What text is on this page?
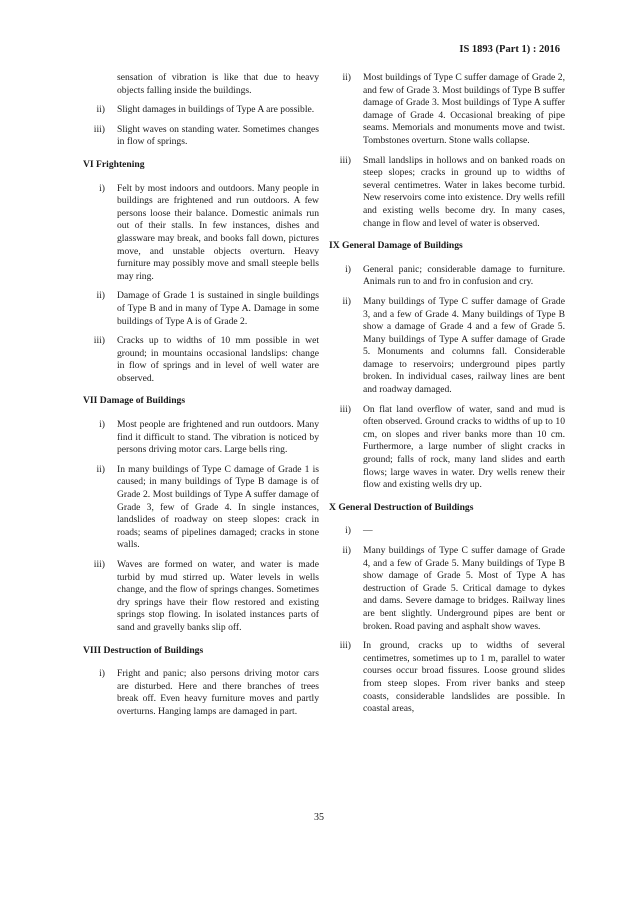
IS 1893 (Part 1) : 2016
sensation of vibration is like that due to heavy objects falling inside the buildings.
ii) Slight damages in buildings of Type A are possible.
iii) Slight waves on standing water. Sometimes changes in flow of springs.
VI Frightening
i) Felt by most indoors and outdoors. Many people in buildings are frightened and run outdoors. A few persons loose their balance. Domestic animals run out of their stalls. In few instances, dishes and glassware may break, and books fall down, pictures move, and unstable objects overturn. Heavy furniture may possibly move and small steeple bells may ring.
ii) Damage of Grade 1 is sustained in single buildings of Type B and in many of Type A. Damage in some buildings of Type A is of Grade 2.
iii) Cracks up to widths of 10 mm possible in wet ground; in mountains occasional landslips: change in flow of springs and in level of well water are observed.
VII Damage of Buildings
i) Most people are frightened and run outdoors. Many find it difficult to stand. The vibration is noticed by persons driving motor cars. Large bells ring.
ii) In many buildings of Type C damage of Grade 1 is caused; in many buildings of Type B damage is of Grade 2. Most buildings of Type A suffer damage of Grade 3, few of Grade 4. In single instances, landslides of roadway on steep slopes: crack in roads; seams of pipelines damaged; cracks in stone walls.
iii) Waves are formed on water, and water is made turbid by mud stirred up. Water levels in wells change, and the flow of springs changes. Sometimes dry springs have their flow restored and existing springs stop flowing. In isolated instances parts of sand and gravelly banks slip off.
VIII Destruction of Buildings
i) Fright and panic; also persons driving motor cars are disturbed. Here and there branches of trees break off. Even heavy furniture moves and partly overturns. Hanging lamps are damaged in part.
ii) Most buildings of Type C suffer damage of Grade 2, and few of Grade 3. Most buildings of Type B suffer damage of Grade 3. Most buildings of Type A suffer damage of Grade 4. Occasional breaking of pipe seams. Memorials and monuments move and twist. Tombstones overturn. Stone walls collapse.
iii) Small landslips in hollows and on banked roads on steep slopes; cracks in ground up to widths of several centimetres. Water in lakes become turbid. New reservoirs come into existence. Dry wells refill and existing wells become dry. In many cases, change in flow and level of water is observed.
IX General Damage of Buildings
i) General panic; considerable damage to furniture. Animals run to and fro in confusion and cry.
ii) Many buildings of Type C suffer damage of Grade 3, and a few of Grade 4. Many buildings of Type B show a damage of Grade 4 and a few of Grade 5. Many buildings of Type A suffer damage of Grade 5. Monuments and columns fall. Considerable damage to reservoirs; underground pipes partly broken. In individual cases, railway lines are bent and roadway damaged.
iii) On flat land overflow of water, sand and mud is often observed. Ground cracks to widths of up to 10 cm, on slopes and river banks more than 10 cm. Furthermore, a large number of slight cracks in ground; falls of rock, many land slides and earth flows; large waves in water. Dry wells renew their flow and existing wells dry up.
X General Destruction of Buildings
i) —
ii) Many buildings of Type C suffer damage of Grade 4, and a few of Grade 5. Many buildings of Type B show damage of Grade 5. Most of Type A has destruction of Grade 5. Critical damage to dykes and dams. Severe damage to bridges. Railway lines are bent slightly. Underground pipes are bent or broken. Road paving and asphalt show waves.
iii) In ground, cracks up to widths of several centimetres, sometimes up to 1 m, parallel to water courses occur broad fissures. Loose ground slides from steep slopes. From river banks and steep coasts, considerable landslides are possible. In coastal areas,
35
